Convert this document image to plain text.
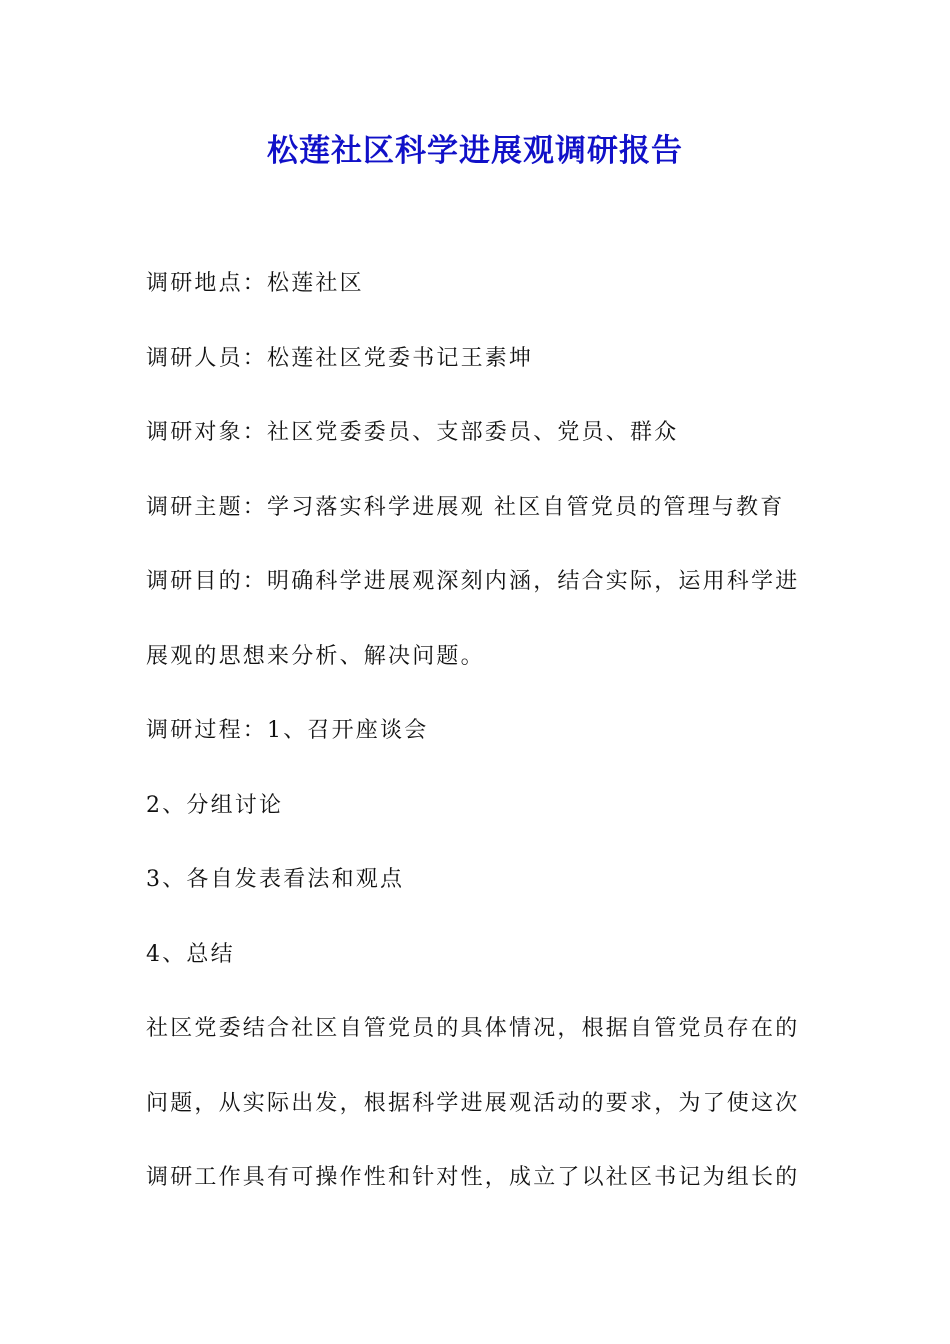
松莲社区科学进展观调研报告
调研地点：松莲社区
调研人员：松莲社区党委书记王素坤
调研对象：社区党委委员、支部委员、党员、群众
调研主题：学习落实科学进展观 社区自管党员的管理与教育
调研目的：明确科学进展观深刻内涵，结合实际，运用科学进
展观的思想来分析、解决问题。
调研过程：1、召开座谈会
2、分组讨论
3、各自发表看法和观点
4、总结
社区党委结合社区自管党员的具体情况，根据自管党员存在的
问题，从实际出发，根据科学进展观活动的要求，为了使这次
调研工作具有可操作性和针对性，成立了以社区书记为组长的
